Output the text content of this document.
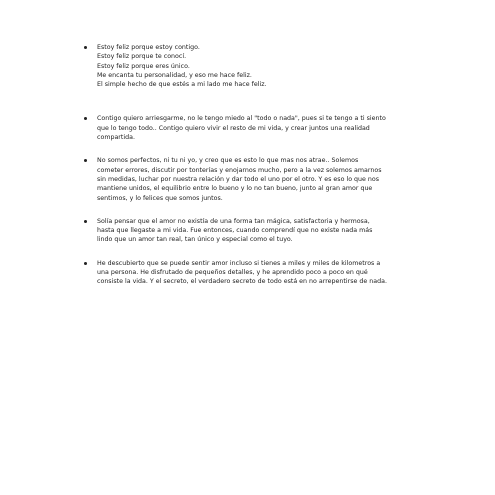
Estoy feliz porque estoy contigo.
Estoy feliz porque te conocí.
Estoy feliz porque eres único.
Me encanta tu personalidad, y eso me hace feliz.
El simple hecho de que estés a mi lado me hace feliz.
Contigo quiero arriesgarme, no le tengo miedo al "todo o nada", pues si te tengo a ti siento
que lo tengo todo.. Contigo quiero vivir el resto de mi vida, y crear juntos una realidad
compartida.
No somos perfectos, ni tu ni yo, y creo que es esto lo que mas nos atrae.. Solemos
cometer errores, discutir por tonterías y enojarnos mucho, pero a la vez solemos amarnos
sin medidas, luchar por nuestra relación y dar todo el uno por el otro. Y es eso lo que nos
mantiene unidos, el equilibrio entre lo bueno y lo no tan bueno, junto al gran amor que
sentimos, y lo felices que somos juntos.
Solía pensar que el amor no existía de una forma tan mágica, satisfactoria y hermosa,
hasta que llegaste a mi vida. Fue entonces, cuando comprendí que no existe nada más
lindo que un amor tan real, tan único y especial como el tuyo.
He descubierto que se puede sentir amor incluso si tienes a miles y miles de kilometros a
una persona. He disfrutado de pequeños detalles, y he aprendido poco a poco en qué
consiste la vida. Y el secreto, el verdadero secreto de todo está en no arrepentirse de nada.
